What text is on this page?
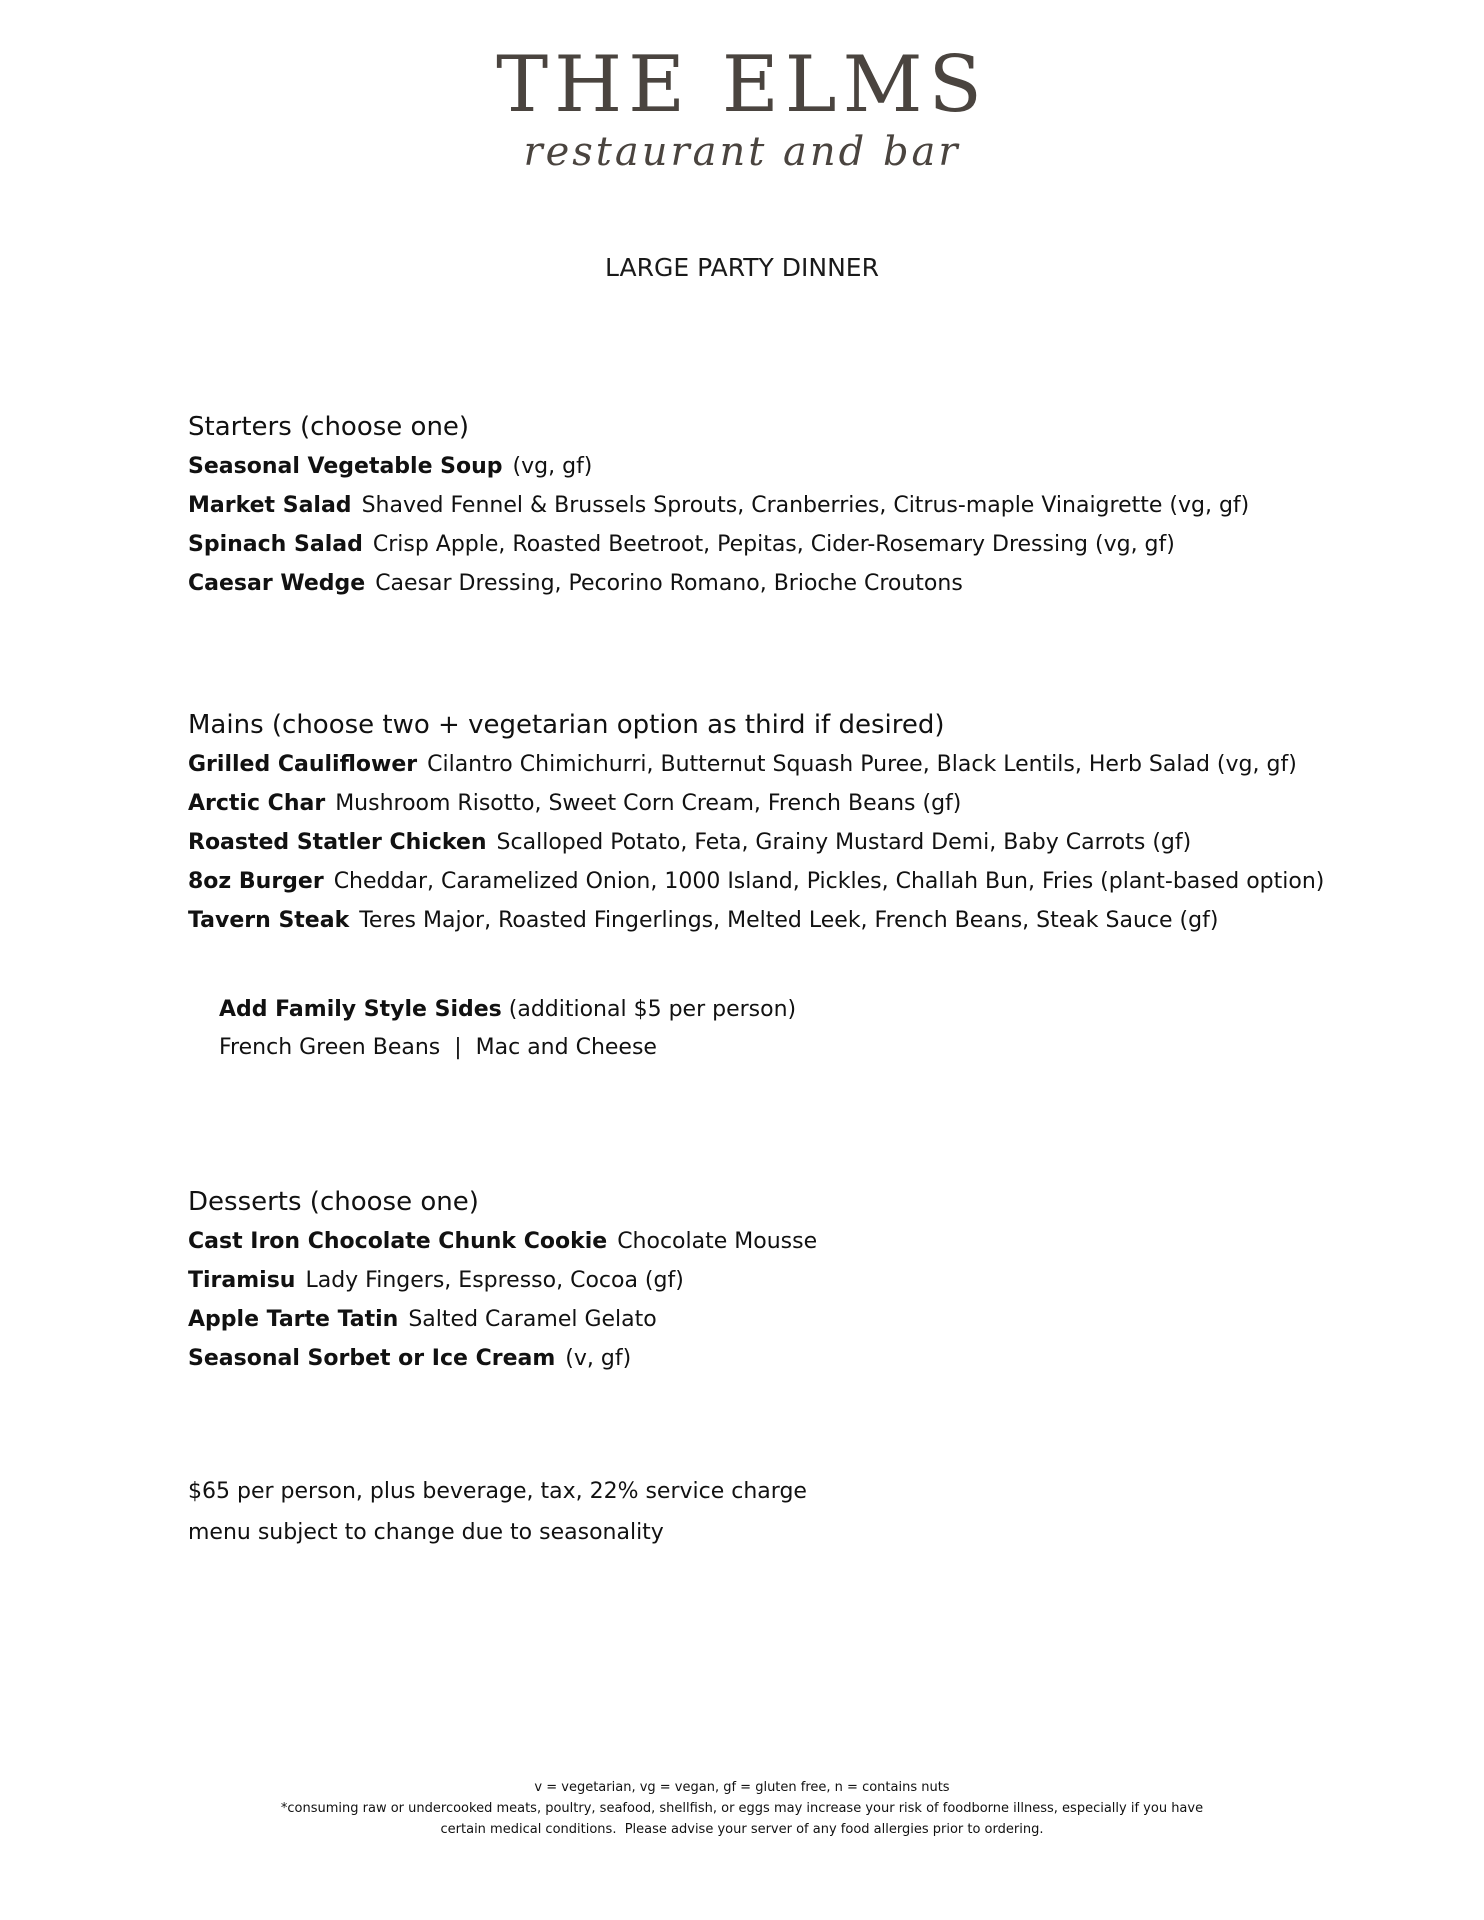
THE ELMS
restaurant and bar
LARGE PARTY DINNER
Starters (choose one)
Seasonal Vegetable Soup (vg, gf)
Market Salad Shaved Fennel & Brussels Sprouts, Cranberries, Citrus-maple Vinaigrette (vg, gf)
Spinach Salad Crisp Apple, Roasted Beetroot, Pepitas, Cider-Rosemary Dressing (vg, gf)
Caesar Wedge Caesar Dressing, Pecorino Romano, Brioche Croutons
Mains (choose two + vegetarian option as third if desired)
Grilled Cauliflower Cilantro Chimichurri, Butternut Squash Puree, Black Lentils, Herb Salad (vg, gf)
Arctic Char Mushroom Risotto, Sweet Corn Cream, French Beans (gf)
Roasted Statler Chicken Scalloped Potato, Feta, Grainy Mustard Demi, Baby Carrots (gf)
8oz Burger Cheddar, Caramelized Onion, 1000 Island, Pickles, Challah Bun, Fries (plant-based option)
Tavern Steak Teres Major, Roasted Fingerlings, Melted Leek, French Beans, Steak Sauce (gf)
Add Family Style Sides (additional $5 per person)
French Green Beans  |  Mac and Cheese
Desserts (choose one)
Cast Iron Chocolate Chunk Cookie Chocolate Mousse
Tiramisu Lady Fingers, Espresso, Cocoa (gf)
Apple Tarte Tatin Salted Caramel Gelato
Seasonal Sorbet or Ice Cream (v, gf)
$65 per person, plus beverage, tax, 22% service charge
menu subject to change due to seasonality
v = vegetarian, vg = vegan, gf = gluten free, n = contains nuts
*consuming raw or undercooked meats, poultry, seafood, shellfish, or eggs may increase your risk of foodborne illness, especially if you have
certain medical conditions.  Please advise your server of any food allergies prior to ordering.
